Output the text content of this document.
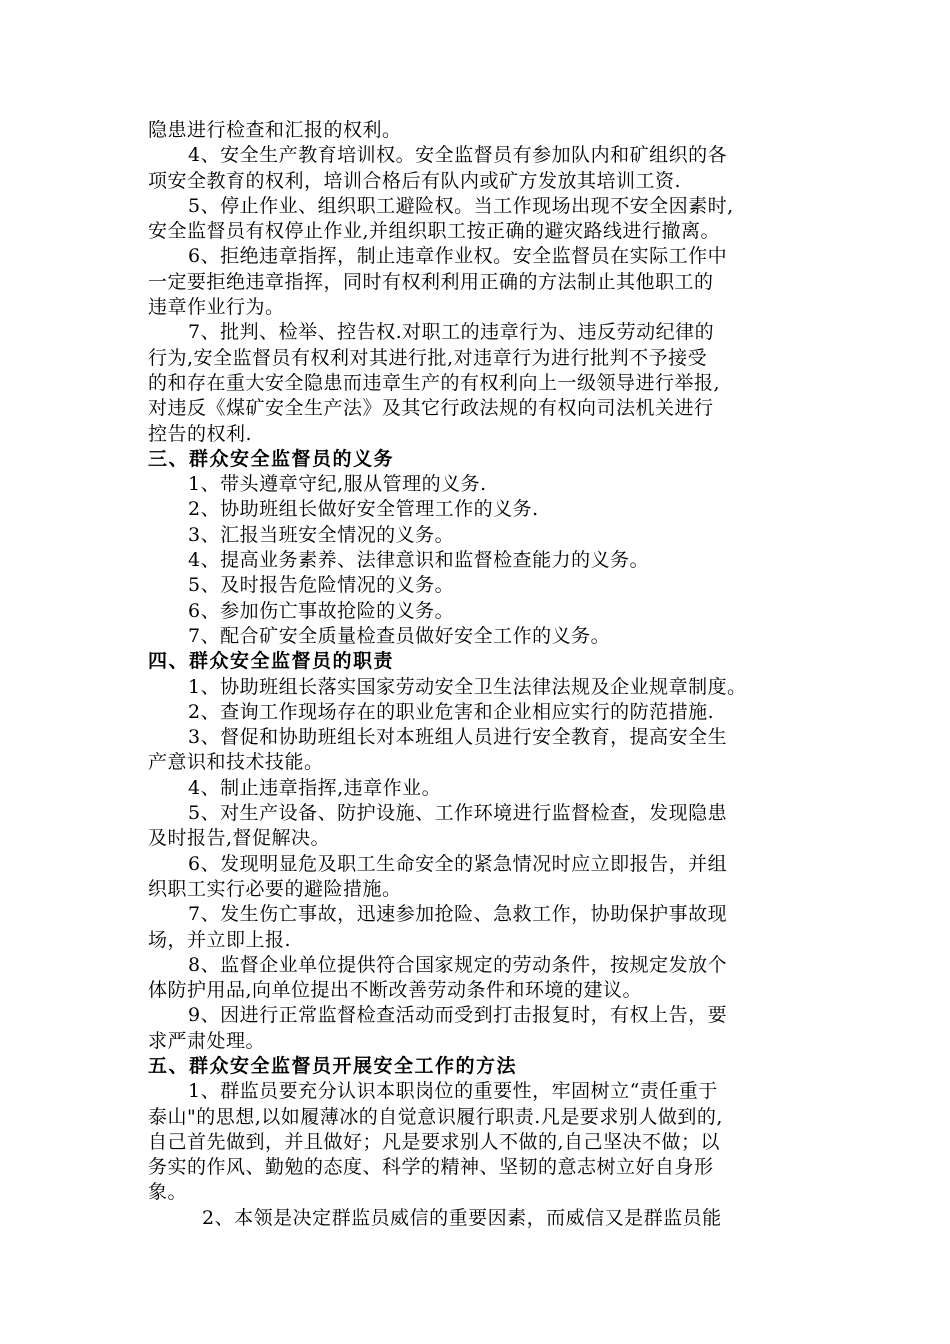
隐患进行检查和汇报的权利。
4、安全生产教育培训权。安全监督员有参加队内和矿组织的各
项安全教育的权利，培训合格后有队内或矿方发放其培训工资.
5、停止作业、组织职工避险权。当工作现场出现不安全因素时,
安全监督员有权停止作业,并组织职工按正确的避灾路线进行撤离。
6、拒绝违章指挥，制止违章作业权。安全监督员在实际工作中
一定要拒绝违章指挥，同时有权利利用正确的方法制止其他职工的
违章作业行为。
7、批判、检举、控告权.对职工的违章行为、违反劳动纪律的
行为,安全监督员有权利对其进行批,对违章行为进行批判不予接受
的和存在重大安全隐患而违章生产的有权利向上一级领导进行举报,
对违反《煤矿安全生产法》及其它行政法规的有权向司法机关进行
控告的权利.
三、群众安全监督员的义务
1、带头遵章守纪,服从管理的义务.
2、协助班组长做好安全管理工作的义务.
3、汇报当班安全情况的义务。
4、提高业务素养、法律意识和监督检查能力的义务。
5、及时报告危险情况的义务。
6、参加伤亡事故抢险的义务。
7、配合矿安全质量检查员做好安全工作的义务。
四、群众安全监督员的职责
1、协助班组长落实国家劳动安全卫生法律法规及企业规章制度。
2、查询工作现场存在的职业危害和企业相应实行的防范措施.
3、督促和协助班组长对本班组人员进行安全教育，提高安全生
产意识和技术技能。
4、制止违章指挥,违章作业。
5、对生产设备、防护设施、工作环境进行监督检查，发现隐患
及时报告,督促解决。
6、发现明显危及职工生命安全的紧急情况时应立即报告，并组
织职工实行必要的避险措施。
7、发生伤亡事故，迅速参加抢险、急救工作，协助保护事故现
场，并立即上报.
8、监督企业单位提供符合国家规定的劳动条件，按规定发放个
体防护用品,向单位提出不断改善劳动条件和环境的建议。
9、因进行正常监督检查活动而受到打击报复时，有权上告，要
求严肃处理。
五、群众安全监督员开展安全工作的方法
1、群监员要充分认识本职岗位的重要性，牢固树立“责任重于
泰山"的思想,以如履薄冰的自觉意识履行职责.凡是要求别人做到的,
自己首先做到，并且做好；凡是要求别人不做的,自己坚决不做；以
务实的作风、勤勉的态度、科学的精神、坚韧的意志树立好自身形
象。
2、本领是决定群监员威信的重要因素，而威信又是群监员能
